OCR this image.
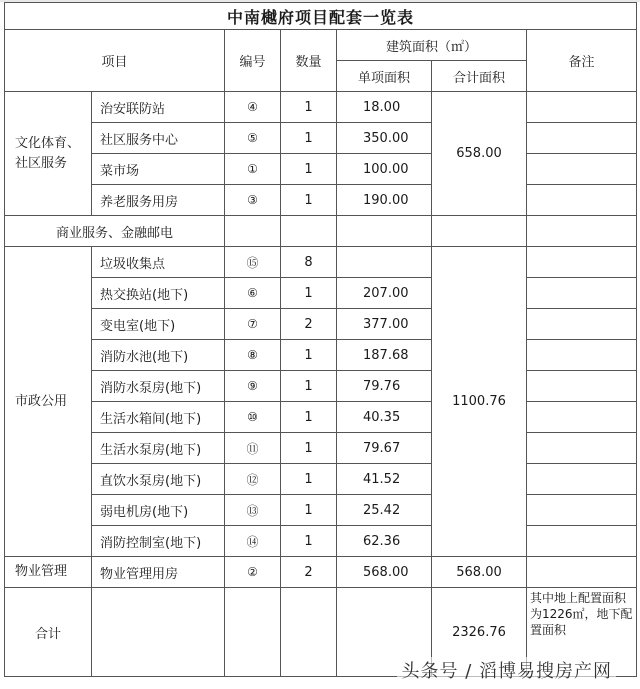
中南樾府项目配套一览表						
项目		编号	数量	建筑面积（㎡）		备注
				单项面积	合计面积	
文化体育、社区服务	治安联防站	④	1	18.00	658.00	
	社区服务中心	⑤	1	350.00		
	菜市场	①	1	100.00		
	养老服务用房	③	1	190.00		
商业服务、金融邮电						
市政公用	垃圾收集点	⑮	8		1100.76	
	热交换站(地下)	⑥	1	207.00		
	变电室(地下)	⑦	2	377.00		
	消防水池(地下)	⑧	1	187.68		
	消防水泵房(地下)	⑨	1	79.76		
	生活水箱间(地下)	⑩	1	40.35		
	生活水泵房(地下)	⑪	1	79.67		
	直饮水泵房(地下)	⑫	1	41.52		
	弱电机房(地下)	⑬	1	25.42		
	消防控制室(地下)	⑭	1	62.36		
物业管理	物业管理用房	②	2	568.00	568.00	
合计					2326.76	其中地上配置面积为1226㎡，地下配置面积
头条号 / 滔博易搜房产网
